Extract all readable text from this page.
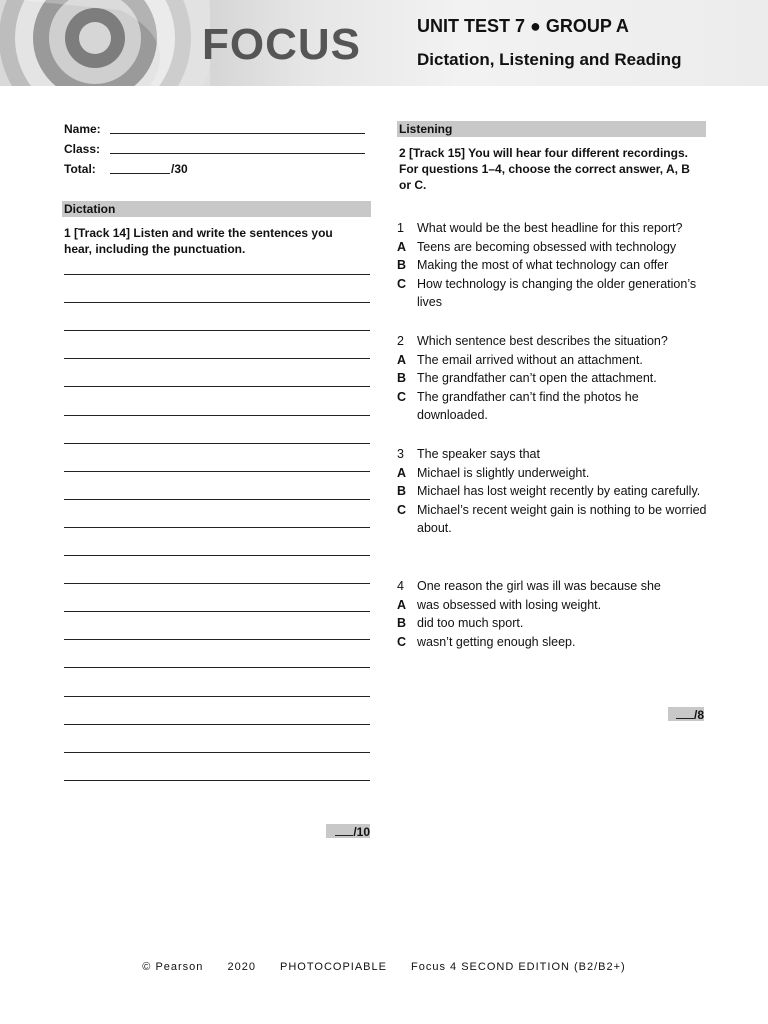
FOCUS	UNIT TEST 7 ● GROUP A
Dictation, Listening and Reading
Name:
Class:
Total:	/30
Dictation
1 [Track 14] Listen and write the sentences you hear, including the punctuation.
/10
Listening
2 [Track 15] You will hear four different recordings. For questions 1–4, choose the correct answer, A, B or C.
1	What would be the best headline for this report?
A Teens are becoming obsessed with technology
B Making the most of what technology can offer
C How technology is changing the older generation’s lives
2	Which sentence best describes the situation?
A The email arrived without an attachment.
B The grandfather can’t open the attachment.
C The grandfather can’t find the photos he downloaded.
3	The speaker says that
A Michael is slightly underweight.
B Michael has lost weight recently by eating carefully.
C Michael’s recent weight gain is nothing to be worried about.
4	One reason the girl was ill was because she
A was obsessed with losing weight.
B did too much sport.
C wasn’t getting enough sleep.
/8
© Pearson 2020 PHOTOCOPIABLE Focus 4 SECOND EDITION (B2/B2+)
